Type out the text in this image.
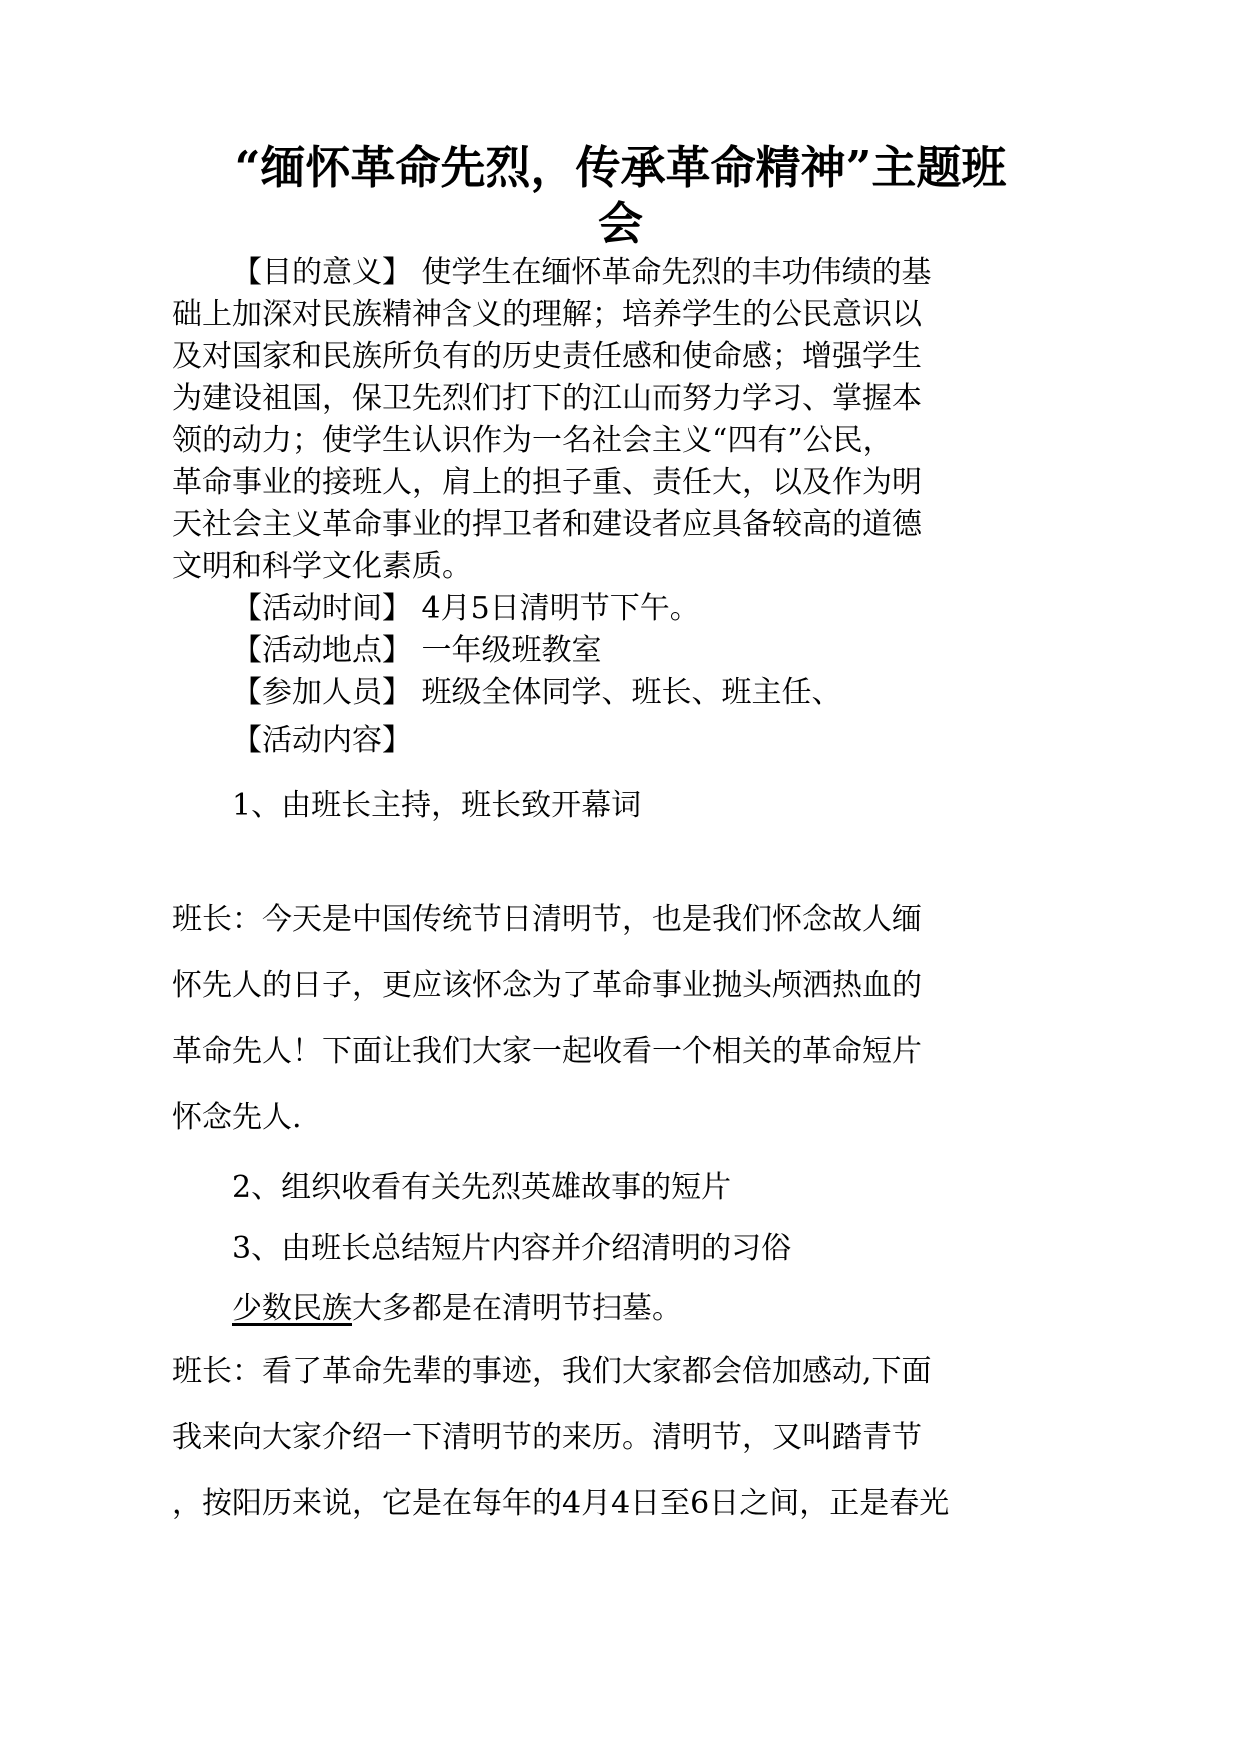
“缅怀革命先烈，传承革命精神”主题班
会
【目的意义】 使学生在缅怀革命先烈的丰功伟绩的基
础上加深对民族精神含义的理解；培养学生的公民意识以
及对国家和民族所负有的历史责任感和使命感；增强学生
为建设祖国，保卫先烈们打下的江山而努力学习、掌握本
领的动力；使学生认识作为一名社会主义“四有”公民，
革命事业的接班人，肩上的担子重、责任大，以及作为明
天社会主义革命事业的捍卫者和建设者应具备较高的道德
文明和科学文化素质。
【活动时间】 4月5日清明节下午。
【活动地点】 一年级班教室
【参加人员】 班级全体同学、班长、班主任、
【活动内容】
1、由班长主持，班长致开幕词
班长：今天是中国传统节日清明节，也是我们怀念故人缅
怀先人的日子，更应该怀念为了革命事业抛头颅洒热血的
革命先人！下面让我们大家一起收看一个相关的革命短片
怀念先人.
2、组织收看有关先烈英雄故事的短片
3、由班长总结短片内容并介绍清明的习俗
少数民族大多都是在清明节扫墓。
班长：看了革命先辈的事迹，我们大家都会倍加感动,下面
我来向大家介绍一下清明节的来历。清明节，又叫踏青节
，按阳历来说，它是在每年的4月4日至6日之间，正是春光
